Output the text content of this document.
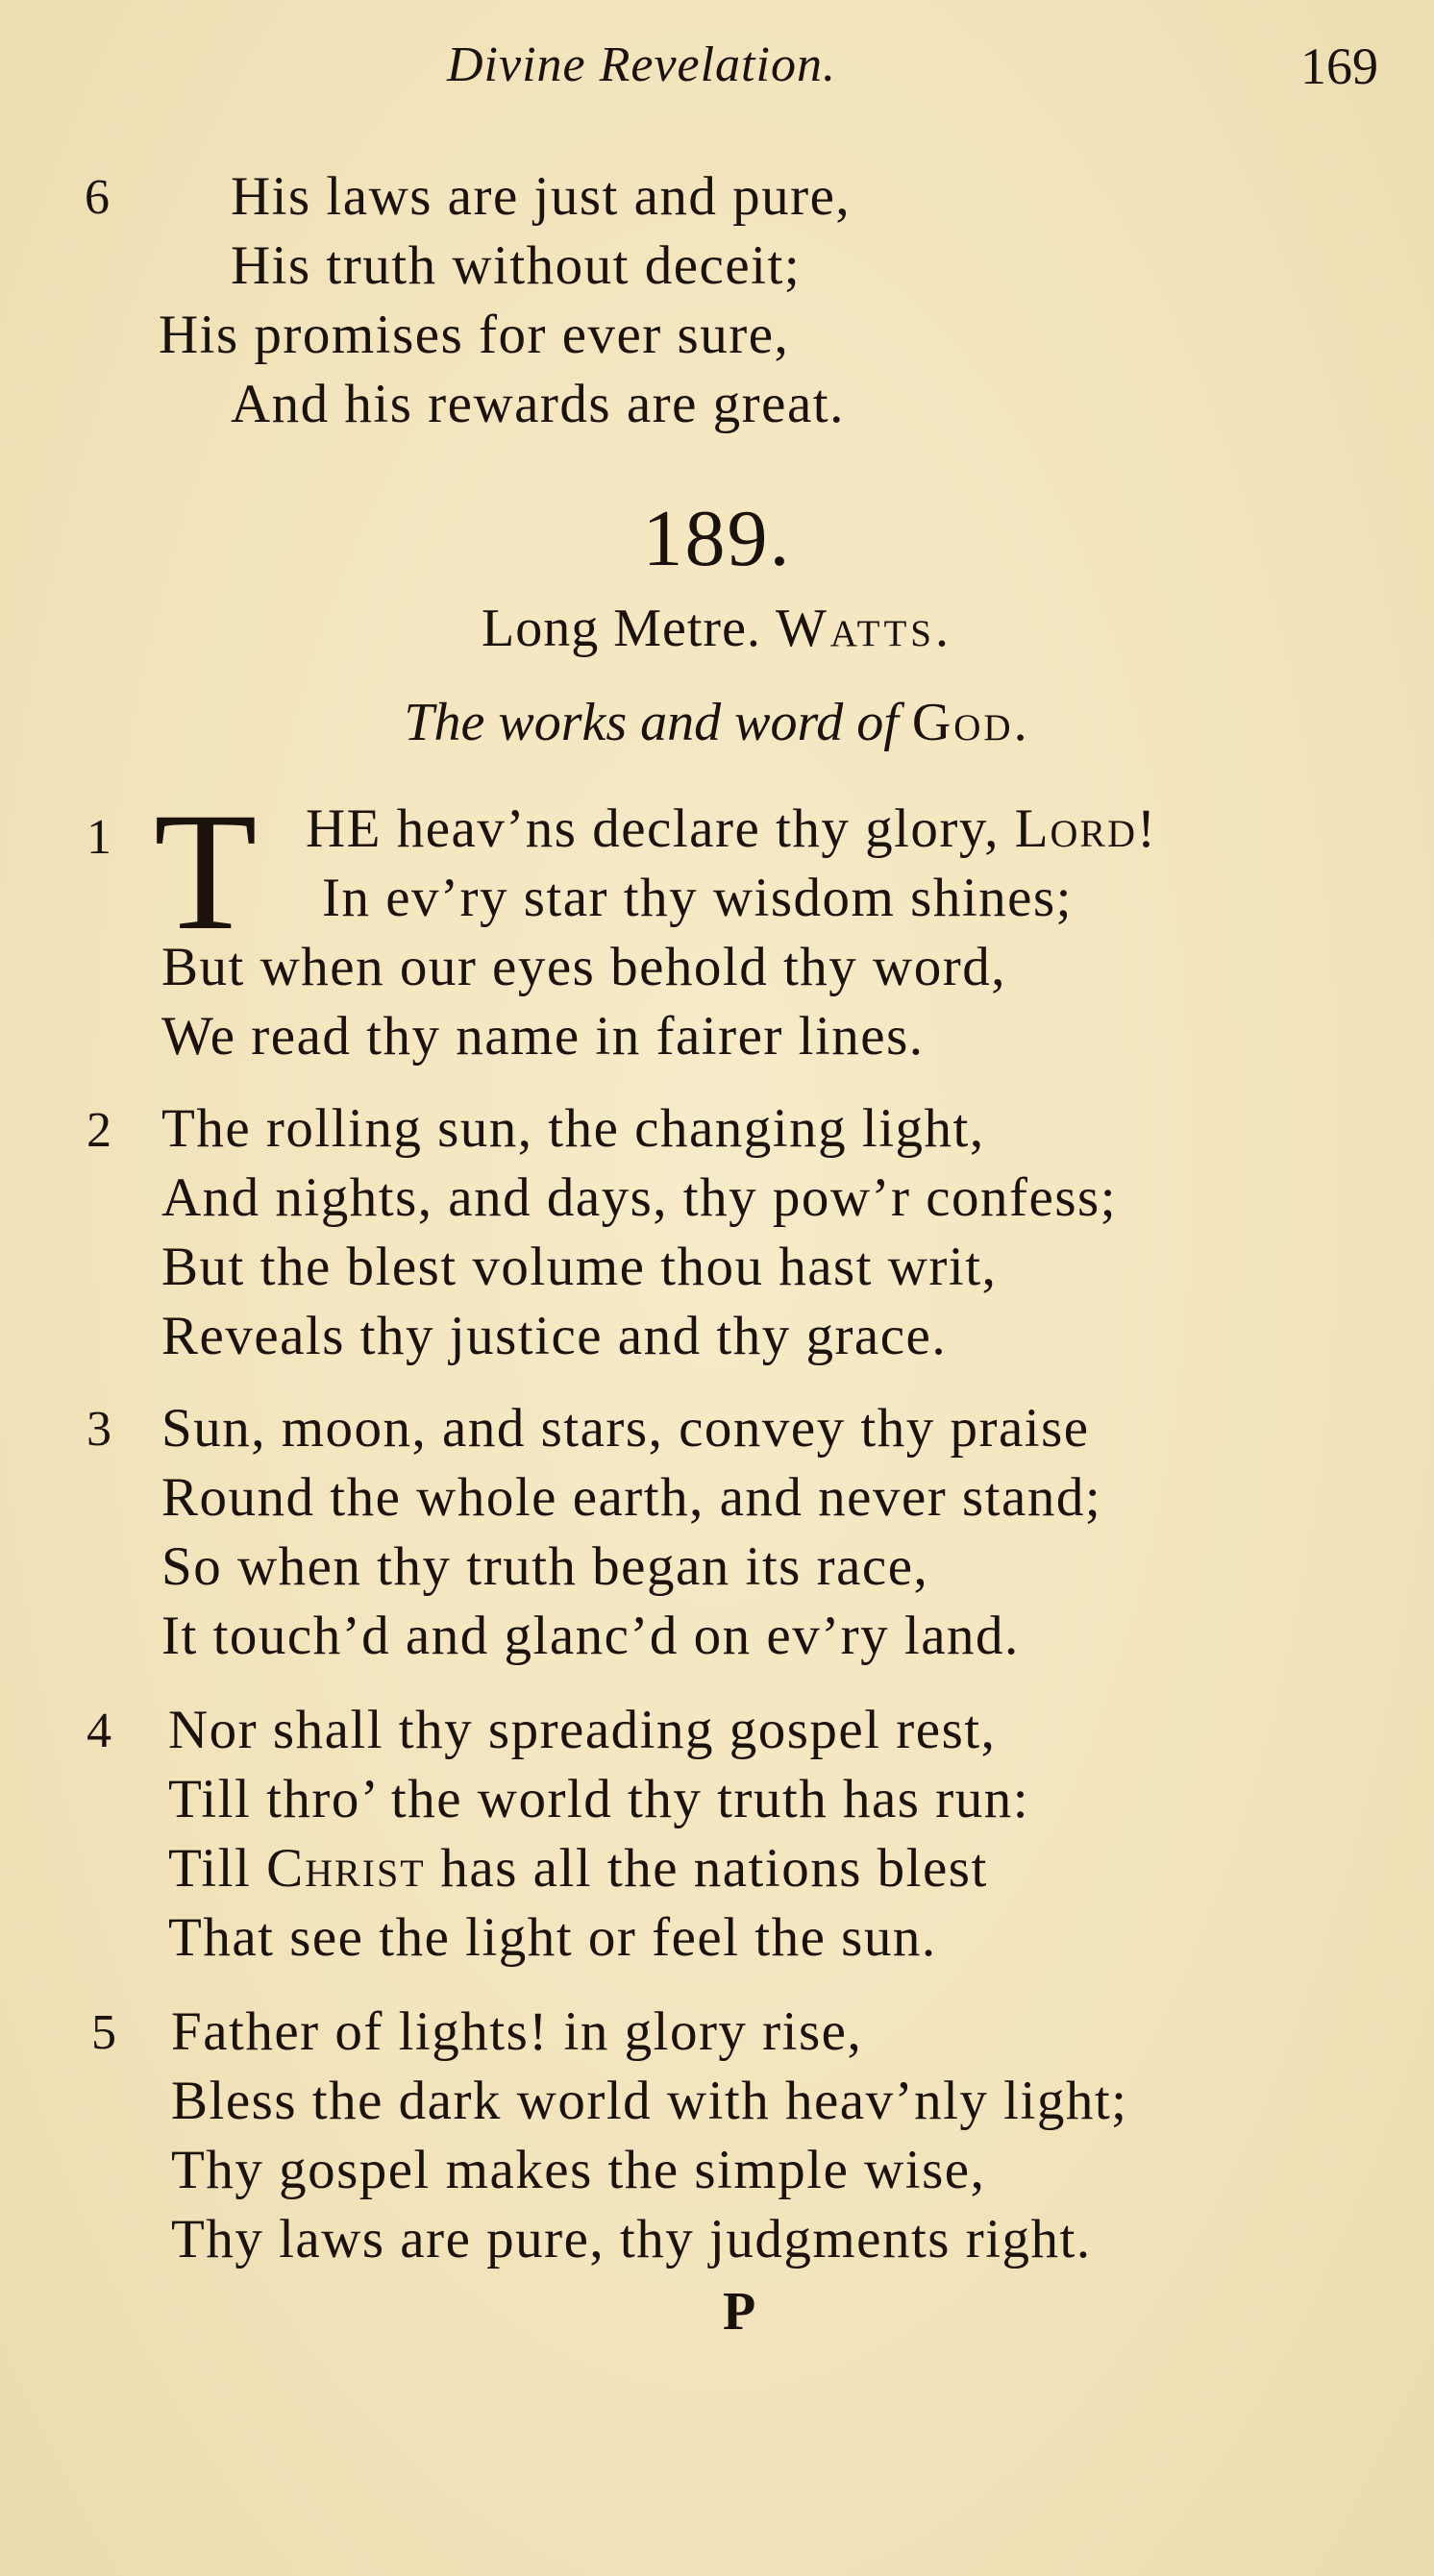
Divine Revelation.	169
6 His laws are just and pure,
His truth without deceit;
His promises for ever sure,
And his rewards are great.
189.
Long Metre. Watts.
The works and word of God.
1 T HE heav’ns declare thy glory, Lord!
In ev’ry star thy wisdom shines;
But when our eyes behold thy word,
We read thy name in fairer lines.
2 The rolling sun, the changing light,
And nights, and days, thy pow’r confess;
But the blest volume thou hast writ,
Reveals thy justice and thy grace.
3 Sun, moon, and stars, convey thy praise
Round the whole earth, and never stand;
So when thy truth began its race,
It touch’d and glanc’d on ev’ry land.
4 Nor shall thy spreading gospel rest,
Till thro’ the world thy truth has run:
Till Christ has all the nations blest
That see the light or feel the sun.
5 Father of lights! in glory rise,
Bless the dark world with heav’nly light;
Thy gospel makes the simple wise,
Thy laws are pure, thy judgments right.
P
